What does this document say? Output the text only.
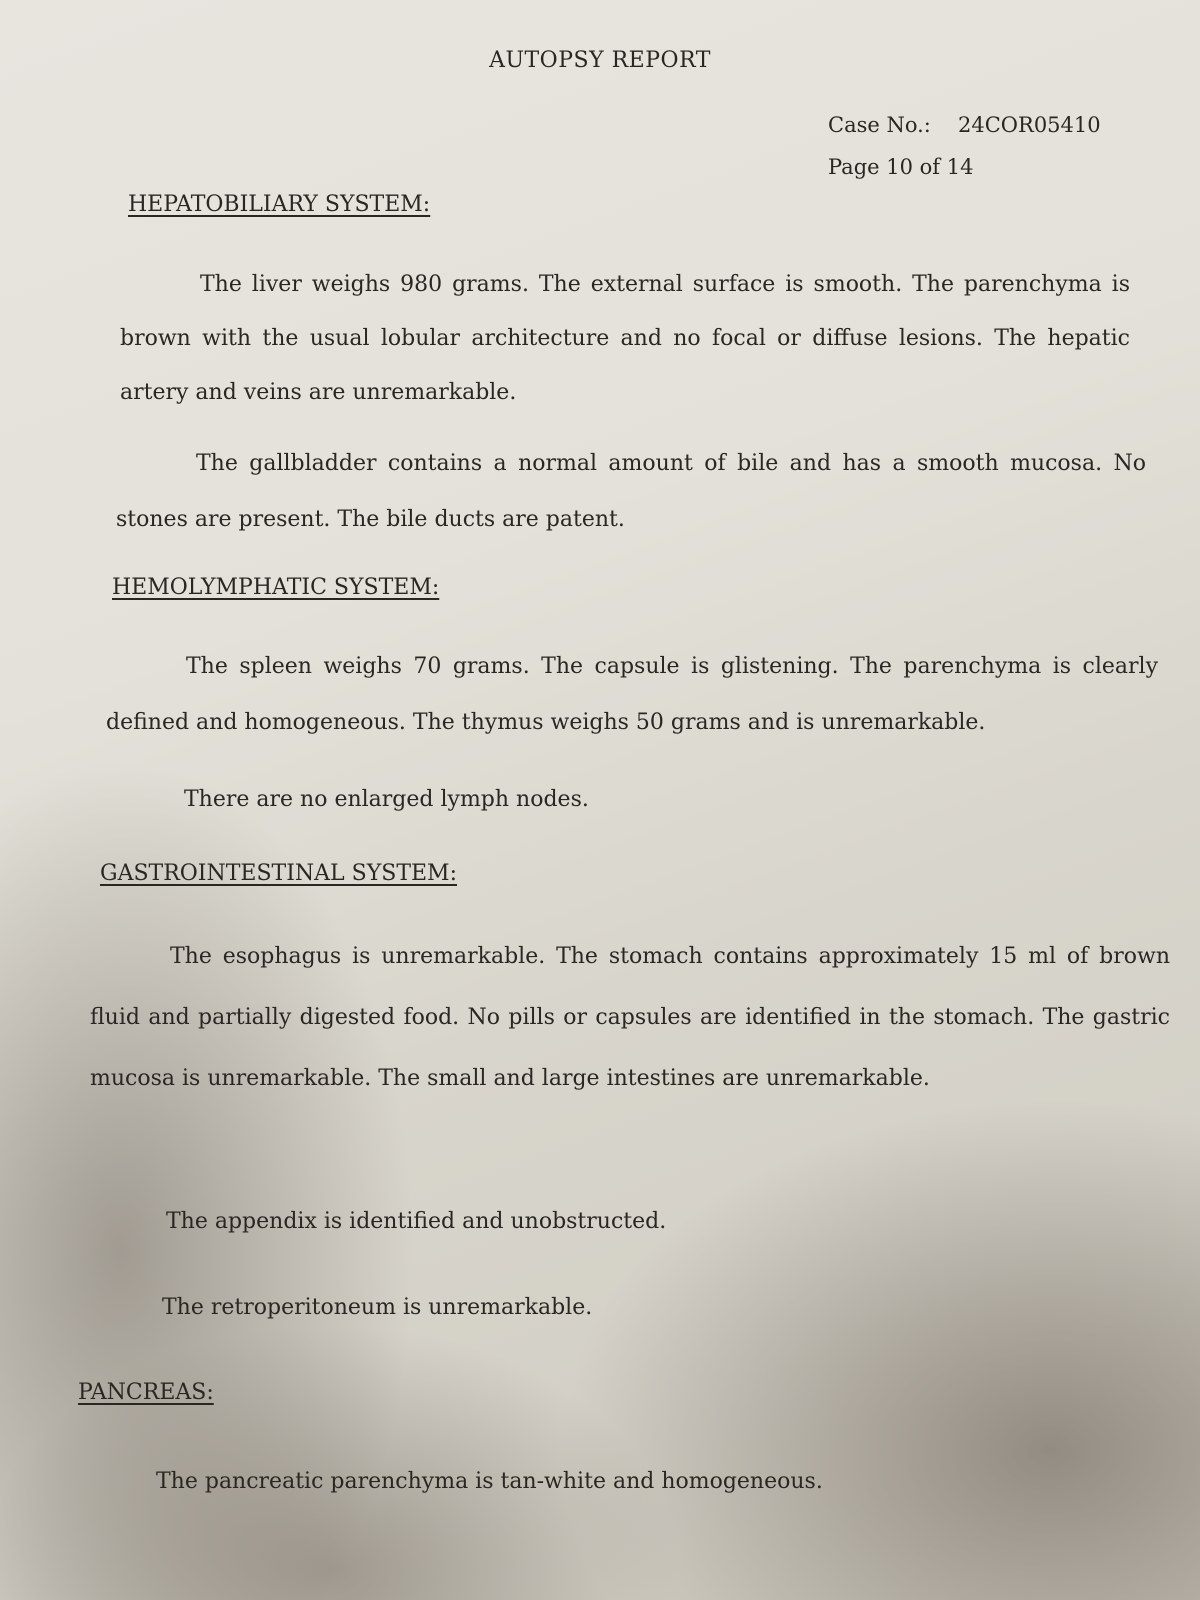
AUTOPSY REPORT
Case No.: 24COR05410
Page 10 of 14
HEPATOBILIARY SYSTEM:

The liver weighs 980 grams. The external surface is smooth. The parenchyma is brown with the usual lobular architecture and no focal or diffuse lesions. The hepatic artery and veins are unremarkable.

The gallbladder contains a normal amount of bile and has a smooth mucosa. No stones are present. The bile ducts are patent.

HEMOLYMPHATIC SYSTEM:

The spleen weighs 70 grams. The capsule is glistening. The parenchyma is clearly defined and homogeneous. The thymus weighs 50 grams and is unremarkable.

There are no enlarged lymph nodes.

GASTROINTESTINAL SYSTEM:

The esophagus is unremarkable. The stomach contains approximately 15 ml of brown fluid and partially digested food. No pills or capsules are identified in the stomach. The gastric mucosa is unremarkable. The small and large intestines are unremarkable.

The appendix is identified and unobstructed.

The retroperitoneum is unremarkable.

PANCREAS:

The pancreatic parenchyma is tan-white and homogeneous.
